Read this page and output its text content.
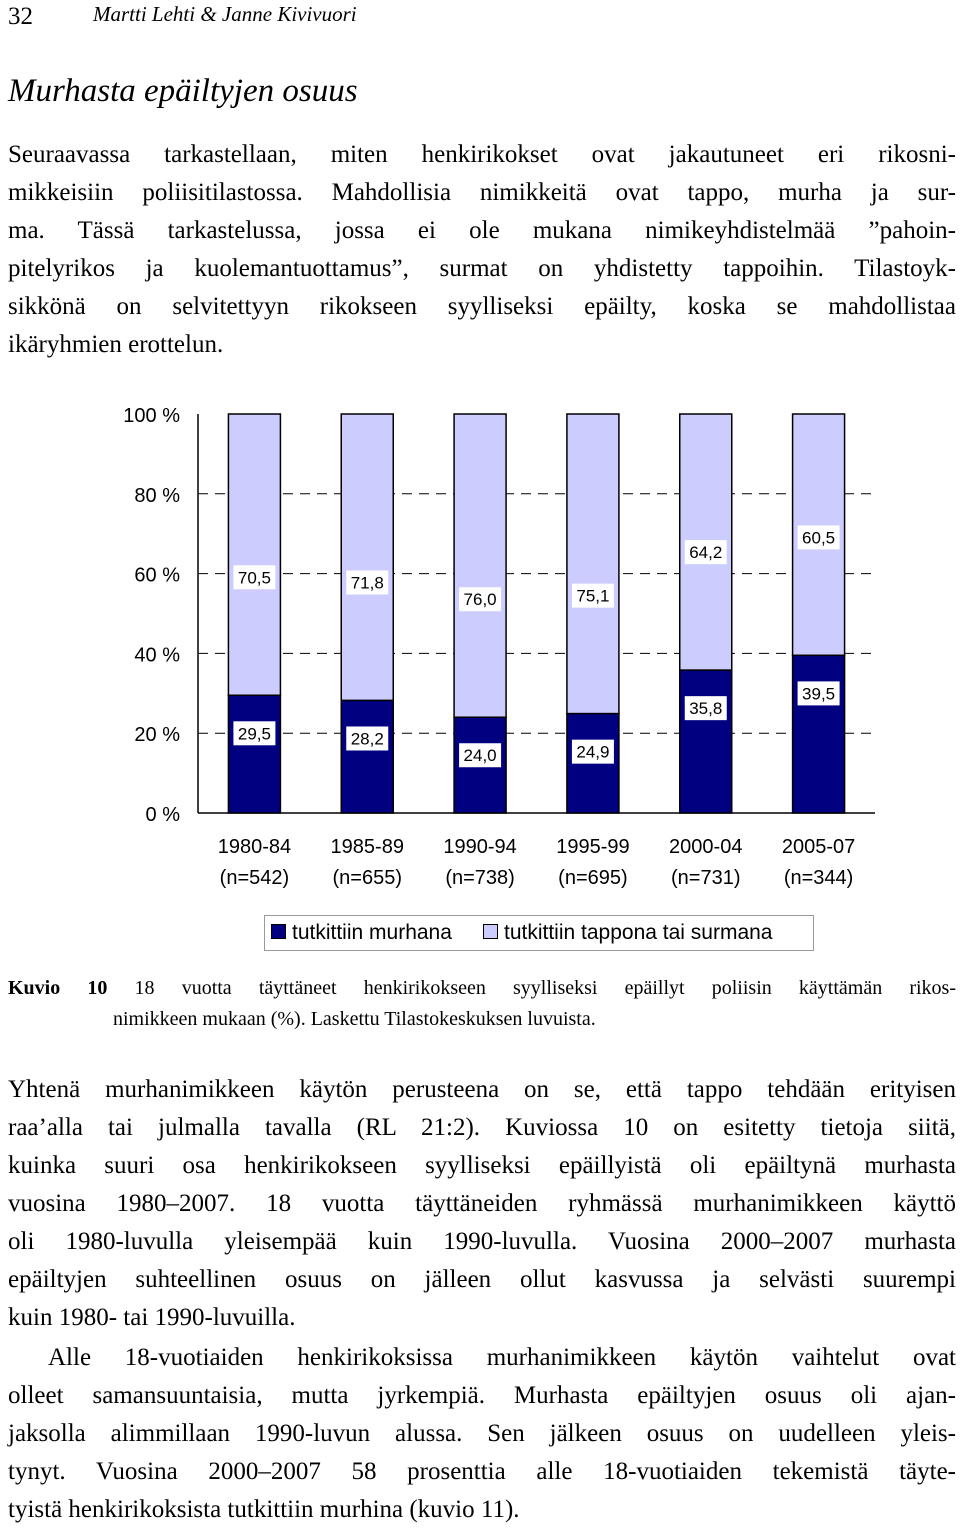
32	Martti Lehti & Janne Kivivuori
Murhasta epäiltyjen osuus
Seuraavassa tarkastellaan, miten henkirikokset ovat jakautuneet eri rikosni-
mikkeisiin poliisitilastossa. Mahdollisia nimikkeitä ovat tappo, murha ja sur-
ma. Tässä tarkastelussa, jossa ei ole mukana nimikeyhdistelmää ”pahoin-
pitelyrikos ja kuolemantuottamus”, surmat on yhdistetty tappoihin. Tilastoyk-
sikkönä on selvitettyyn rikokseen syylliseksi epäilty, koska se mahdollistaa
ikäryhmien erottelun.
29,5
70,5
28,2
71,8
24,0
76,0
24,9
75,1
35,8
64,2
39,5
60,5
0 %
20 %
40 %
60 %
80 %
100 %
1980-84
(n=542)
1985-89
(n=655)
1990-94
(n=738)
1995-99
(n=695)
2000-04
(n=731)
2005-07
(n=344)
tutkittiin murhana	tutkittiin tappona tai surmana
Kuvio 10 18 vuotta täyttäneet henkirikokseen syylliseksi epäillyt poliisin käyttämän rikos-
nimikkeen mukaan (%). Laskettu Tilastokeskuksen luvuista.
Yhtenä murhanimikkeen käytön perusteena on se, että tappo tehdään erityisen
raa’alla tai julmalla tavalla (RL 21:2). Kuviossa 10 on esitetty tietoja siitä,
kuinka suuri osa henkirikokseen syylliseksi epäillyistä oli epäiltynä murhasta
vuosina 1980–2007. 18 vuotta täyttäneiden ryhmässä murhanimikkeen käyttö
oli 1980-luvulla yleisempää kuin 1990-luvulla. Vuosina 2000–2007 murhasta
epäiltyjen suhteellinen osuus on jälleen ollut kasvussa ja selvästi suurempi
kuin 1980- tai 1990-luvuilla.
Alle 18-vuotiaiden henkirikoksissa murhanimikkeen käytön vaihtelut ovat
olleet samansuuntaisia, mutta jyrkempiä. Murhasta epäiltyjen osuus oli ajan-
jaksolla alimmillaan 1990-luvun alussa. Sen jälkeen osuus on uudelleen yleis-
tynyt. Vuosina 2000–2007 58 prosenttia alle 18-vuotiaiden tekemistä täyte-
tyistä henkirikoksista tutkittiin murhina (kuvio 11).
